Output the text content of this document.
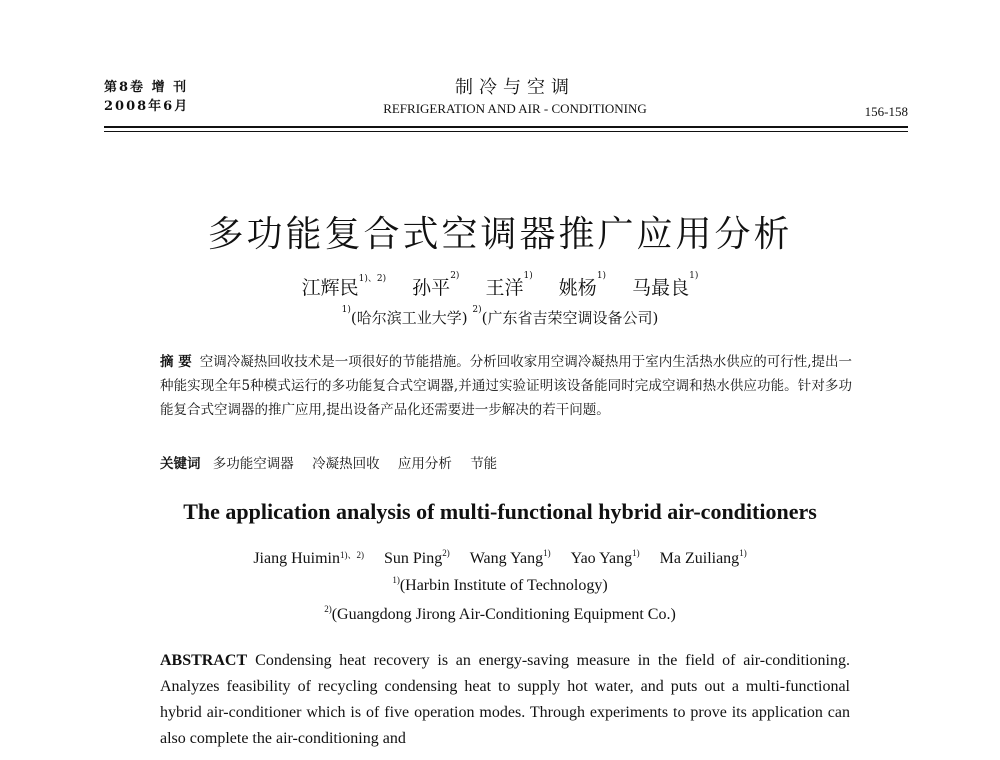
第8卷 增 刊
2008年6月
制冷与空调
REFRIGERATION AND AIR - CONDITIONING	156-158
多功能复合式空调器推广应用分析
江辉民$^{1)、2)}$ 孙平$^{2)}$ 王洋$^{1)}$ 姚杨$^{1)}$ 马最良$^{1)}$
$^{1)}$(哈尔滨工业大学) $^{2)}$(广东省吉荣空调设备公司)
摘 要 空调冷凝热回收技术是一项很好的节能措施。分析回收家用空调冷凝热用于室内生活热水供应的可行性,提出一种能实现全年5种模式运行的多功能复合式空调器,并通过实验证明该设备能同时完成空调和热水供应功能。针对多功能复合式空调器的推广应用,提出设备产品化还需要进一步解决的若干问题。
关键词 多功能空调器 冷凝热回收 应用分析 节能
The application analysis of multi-functional hybrid air-conditioners
Jiang Huimin$^{1)、2)}$ Sun Ping$^{2)}$ Wang Yang$^{1)}$ Yao Yang$^{1)}$ Ma Zuiliang$^{1)}$
$^{1)}$(Harbin Institute of Technology)
$^{2)}$(Guangdong Jirong Air-Conditioning Equipment Co.)
ABSTRACT Condensing heat recovery is an energy-saving measure in the field of air-conditioning. Analyzes feasibility of recycling condensing heat to supply hot water, and puts out a multi-functional hybrid air-conditioner which is of five operation modes. Through experiments to prove its application can also complete the air-conditioning and
